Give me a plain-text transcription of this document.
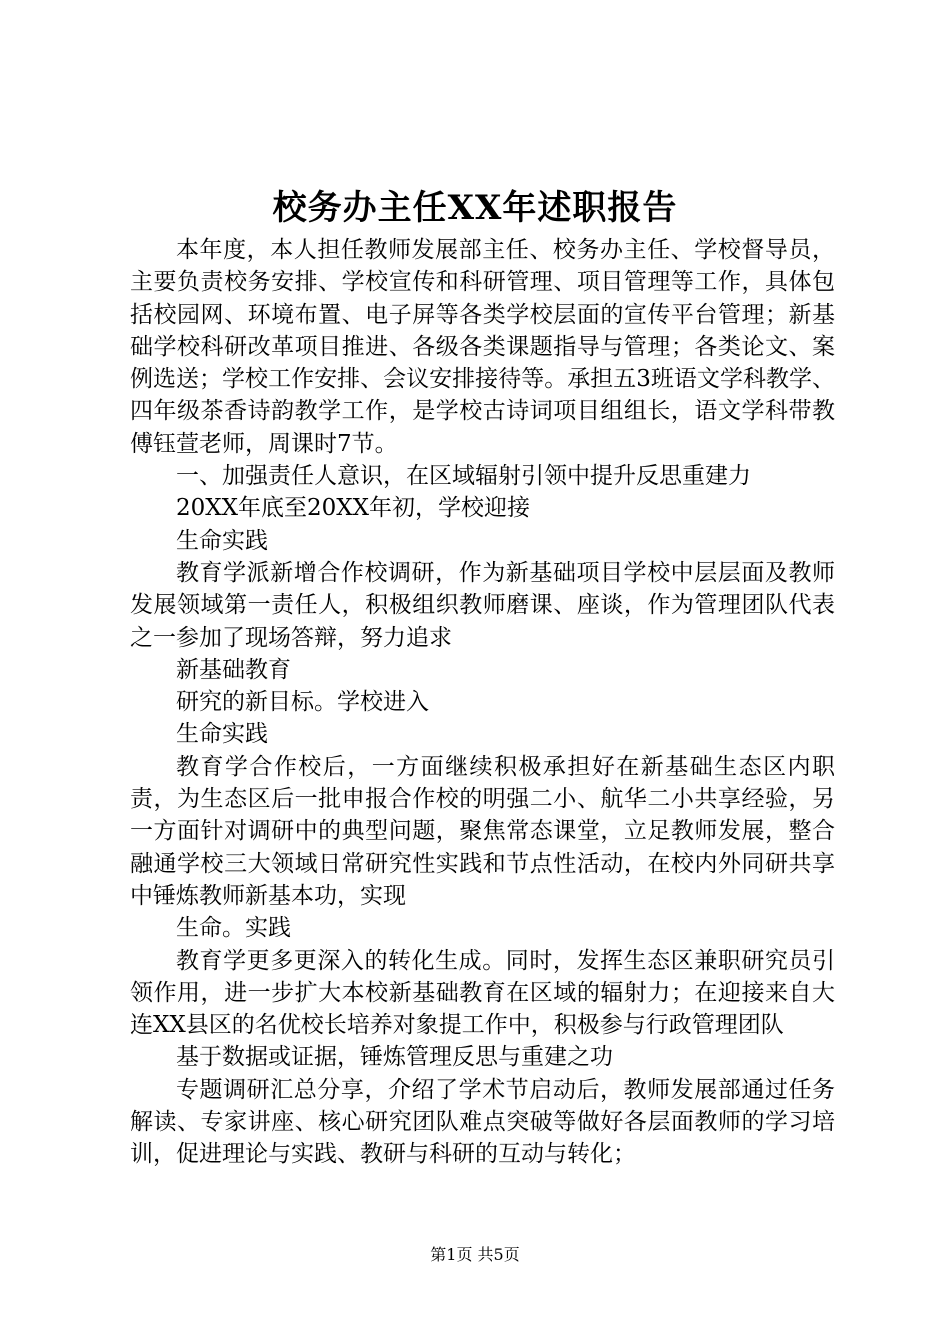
校务办主任XX年述职报告

本年度，本人担任教师发展部主任、校务办主任、学校督导员，主要负责校务安排、学校宣传和科研管理、项目管理等工作，具体包括校园网、环境布置、电子屏等各类学校层面的宣传平台管理；新基础学校科研改革项目推进、各级各类课题指导与管理；各类论文、案例选送；学校工作安排、会议安排接待等。承担五3班语文学科教学、四年级茶香诗韵教学工作，是学校古诗词项目组组长，语文学科带教傅钰萱老师，周课时7节。

一、加强责任人意识，在区域辐射引领中提升反思重建力

20XX年底至20XX年初，学校迎接

生命实践

教育学派新增合作校调研，作为新基础项目学校中层层面及教师发展领域第一责任人，积极组织教师磨课、座谈，作为管理团队代表之一参加了现场答辩，努力追求

新基础教育

研究的新目标。学校进入

生命实践

教育学合作校后，一方面继续积极承担好在新基础生态区内职责，为生态区后一批申报合作校的明强二小、航华二小共享经验，另一方面针对调研中的典型问题，聚焦常态课堂，立足教师发展，整合融通学校三大领域日常研究性实践和节点性活动，在校内外同研共享中锤炼教师新基本功，实现

生命。实践

教育学更多更深入的转化生成。同时，发挥生态区兼职研究员引领作用，进一步扩大本校新基础教育在区域的辐射力；在迎接来自大连XX县区的名优校长培养对象提工作中，积极参与行政管理团队

基于数据或证据，锤炼管理反思与重建之功

专题调研汇总分享，介绍了学术节启动后，教师发展部通过任务解读、专家讲座、核心研究团队难点突破等做好各层面教师的学习培训，促进理论与实践、教研与科研的互动与转化；

第1页 共5页
